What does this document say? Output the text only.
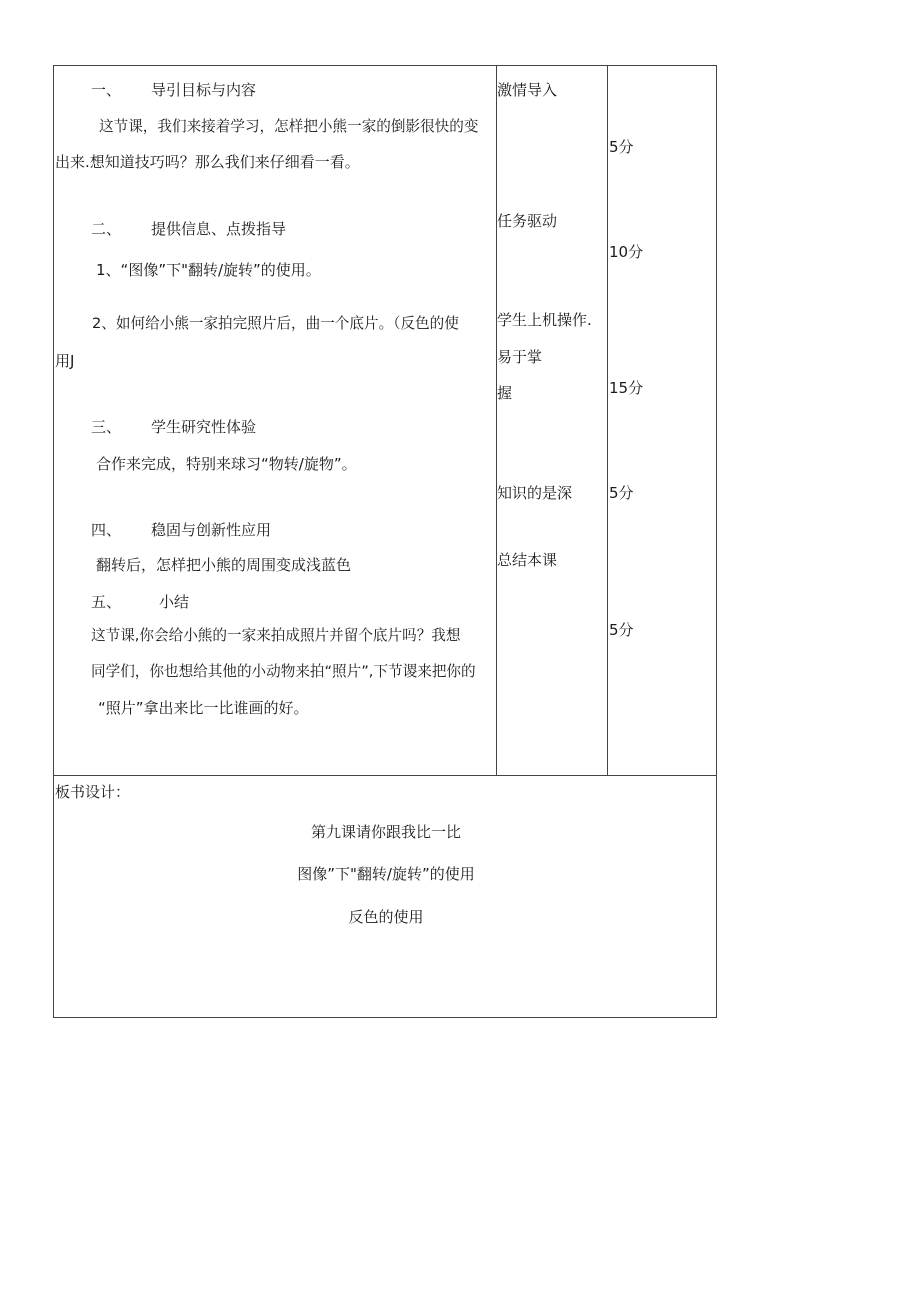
一、 导引目标与内容
这节课，我们来接着学习，怎样把小熊一家的倒影很快的变
出来.想知道技巧吗？那么我们来仔细看一看。
二、 提供信息、点拨指导
1、“图像”下"翻转/旋转”的使用。
2、如何给小熊一家拍完照片后，曲一个底片。（反色的使
用J
三、 学生研究性体验
合作来完成，特别来球习“物转/旋物”。
四、 稳固与创新性应用
翻转后，怎样把小熊的周围变成浅蓝色
五、	小结
这节课,你会给小熊的一家来拍成照片并留个底片吗？我想
同学们，你也想给其他的小动物来拍“照片”,下节谡来把你的
“照片”拿出来比一比谁画的好。
激情导入
任务驱动
学生上机操作.
易于掌
握
知识的是深
总结本课
5分
10分
15分
5分
5分
板书设计：
第九课请你跟我比一比
图像”下"翻转/旋转”的使用
反色的使用
